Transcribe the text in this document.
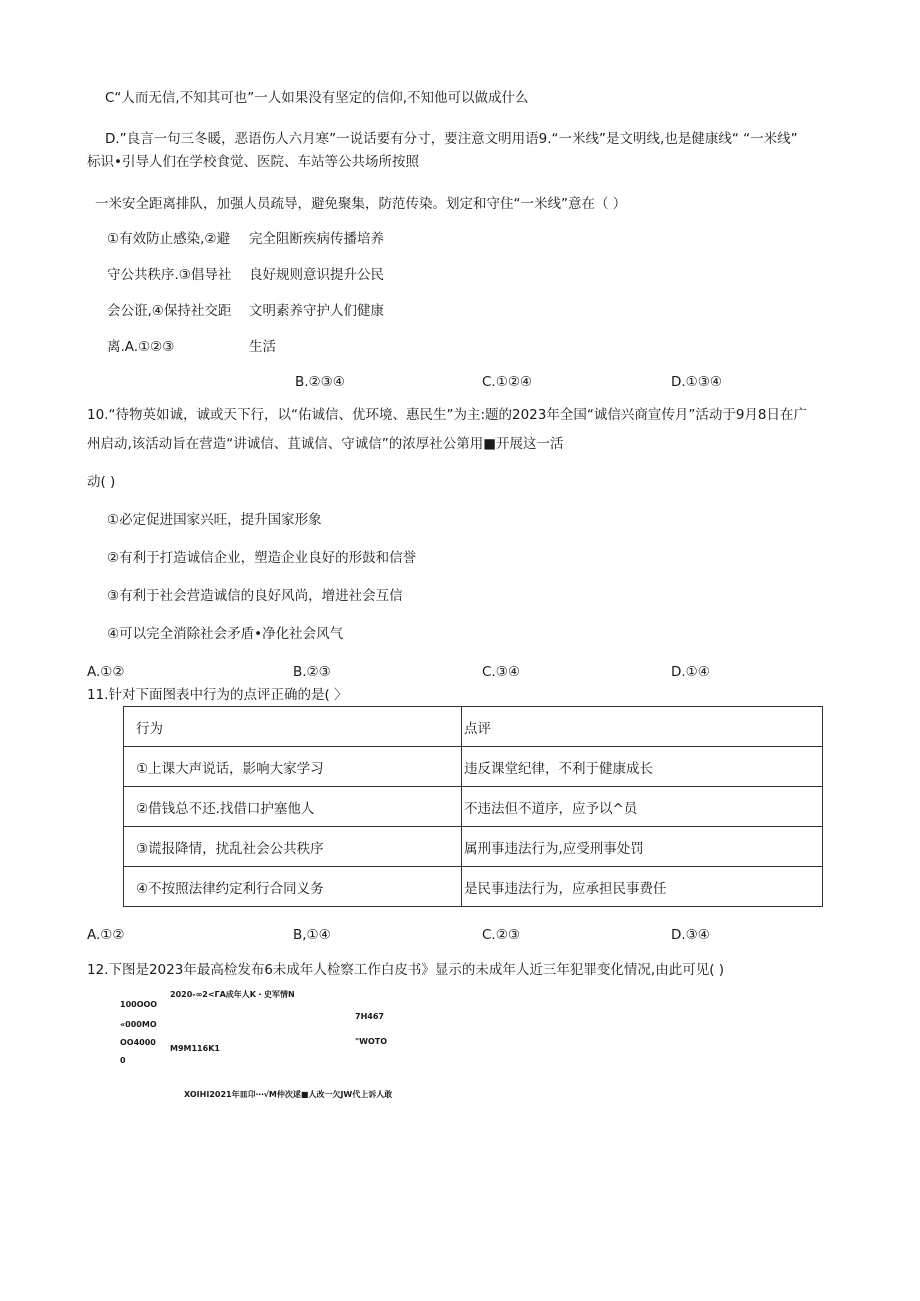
C“人而无信,不知其可也”一人如果没有坚定的信仰,不知他可以做成什么
D.”良言一句三冬暖，恶语伤人六月寒”一说话要有分寸，要注意文明用语9.“一米线”是文明线,也是健康线“ “一米线”
标识•引导人们在学校食觉、医院、车站等公共场所按照
一米安全距离排队，加强人员疏导，避免聚集，防范传染。划定和守住“一米线”意在（ ）
①有效防止感染,②避
守公共秩序.③倡导社
会公诳,④保持社交距
离.A.①②③
完全阻断疾病传播培养
良好规则意识提升公民
文明素养守护人们健康
生活
B.②③④	C.①②④	D.①③④
10.“待物英如诚，诚或天下行，以“佑诚信、优环境、惠民生”为主:题的2023年全国“诚信兴商宣传月”活动于9月8日在广
州启动,该活动旨在营造“讲诚信、苴诚信、守诚信”的浓厚社公第用■开展这一活
动( )
①必定促进国家兴旺，提升国家形象
②有利于打造诚信企业，塑造企业良好的形鼓和信誉
③有利于社会营造诚信的良好风尚，增进社会互信
④可以完全消除社会矛盾•净化社会风气
A.①②	B.②③	C.③④	D.①④
11.针对下面图表中行为的点评正确的是( 〉
行为	点评
①上课大声说话，影响大家学习	违反课堂纪律，不利于健康成长
②借钱总不还.找借口护塞他人	不违法但不道序，应予以^员
③谎报降情，扰乱社会公共秩序	属刑事违法行为,应受刑事处罚
④不按照法律约定利行合同义务	是民事违法行为，应承担民事费任
A.①②	B,①④	C.②③	D.③④
12.下图是2023年最高检发布6未成年人检察工作白皮书》显示的未成年人近三年犯罪变化情况,由此可见( )
2020-∞2<ΓA成年人K・史军情N
100OOO
«000MO
OO4000
0
M9M116K1
7H467
"WOTO
XOIHI2021年皿卬⋯√M仲次逑■人改一欠JW代上诉人敢
